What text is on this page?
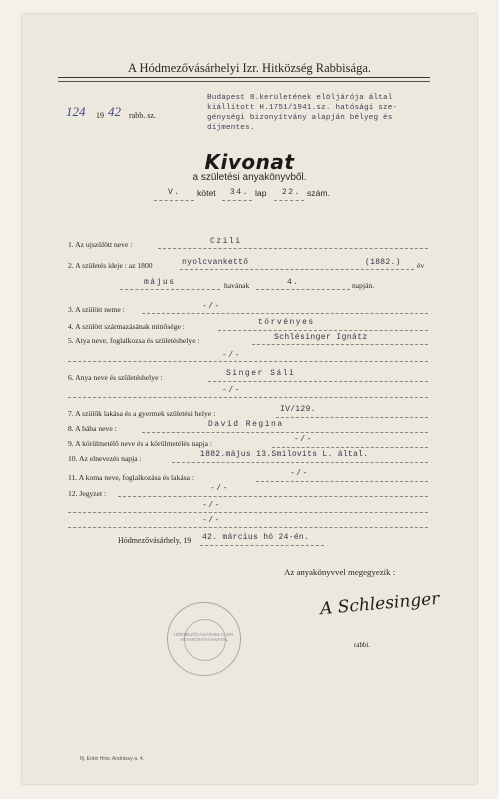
A Hódmezővásárhelyi Izr. Hitközség Rabbisága.
124 19 42 rabb. sz.
Budapest 8.kerületének elöljárója által
kiállított H.1751/1941.sz. hatósági sze-
génységi bizonyítvány alapján bélyeg és
díjmentes.
Kivonat
a születési anyakönyvből.
V. kötet 34. lap 22. szám.
1. Az ujszülött neve :	Czili
2. A születés ideje : az 1800	nyolcvankettő	(1882.) év
május	havának	4.	napján.
3. A szülött neme :	-/-
4. A szülött származásának minősége :	törvényes
5. Atya neve, foglalkozsa és születéshelye :	Schlésinger Ignátz
-/-
6. Anya neve és születéshelye :	Singer Sáli
-/-
7. A szülők lakása és a gyermek születési helye :	IV/129.
8. A bába neve :	David Regina
9. A körülmetélő neve és a körülmetélés napja :	-/-
10. Az elnevezés napja :	1882.május 13.Smilovits L. által.
11. A koma neve, foglalkozása és lakása :	-/-
12. Jegyzet :
-/-
-/-
-/-
Hódmezővásárhely, 19 42. március hó 24-én.
Az anyakönyvvel megegyezik :
A Schlesinger
rabbi.
HÓDMEZŐVÁSÁRHELYI IZR. ANYAKÖNYVI HIVATAL
Ifj. Erdei Hnw. Andrássy-u. 4.
